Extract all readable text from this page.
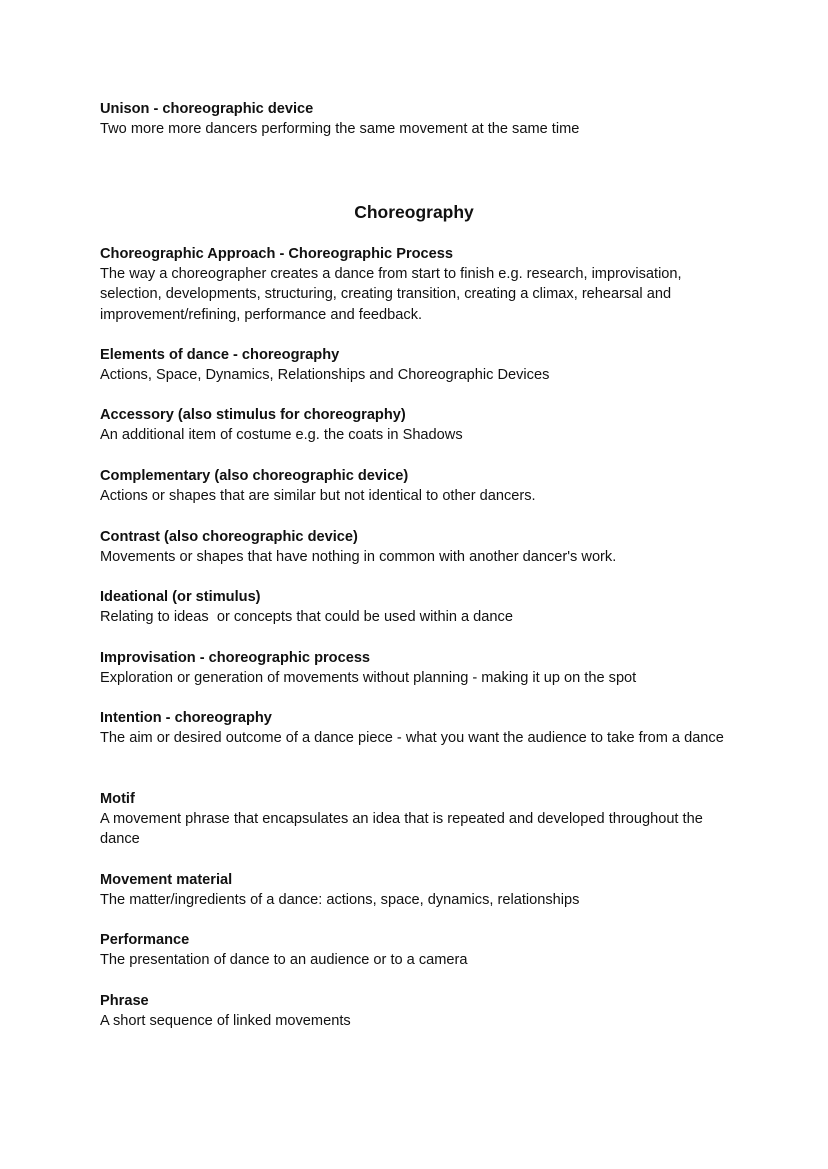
Unison - choreographic device
Two more more dancers performing the same movement at the same time
Choreography
Choreographic Approach - Choreographic Process
The way a choreographer creates a dance from start to finish e.g. research, improvisation, selection, developments, structuring, creating transition, creating a climax, rehearsal and improvement/refining, performance and feedback.
Elements of dance - choreography
Actions, Space, Dynamics, Relationships and Choreographic Devices
Accessory (also stimulus for choreography)
An additional item of costume e.g. the coats in Shadows
Complementary (also choreographic device)
Actions or shapes that are similar but not identical to other dancers.
Contrast (also choreographic device)
Movements or shapes that have nothing in common with another dancer's work.
Ideational (or stimulus)
Relating to ideas  or concepts that could be used within a dance
Improvisation - choreographic process
Exploration or generation of movements without planning - making it up on the spot
Intention - choreography
The aim or desired outcome of a dance piece - what you want the audience to take from a dance
Motif
A movement phrase that encapsulates an idea that is repeated and developed throughout the dance
Movement material
The matter/ingredients of a dance: actions, space, dynamics, relationships
Performance
The presentation of dance to an audience or to a camera
Phrase
A short sequence of linked movements
